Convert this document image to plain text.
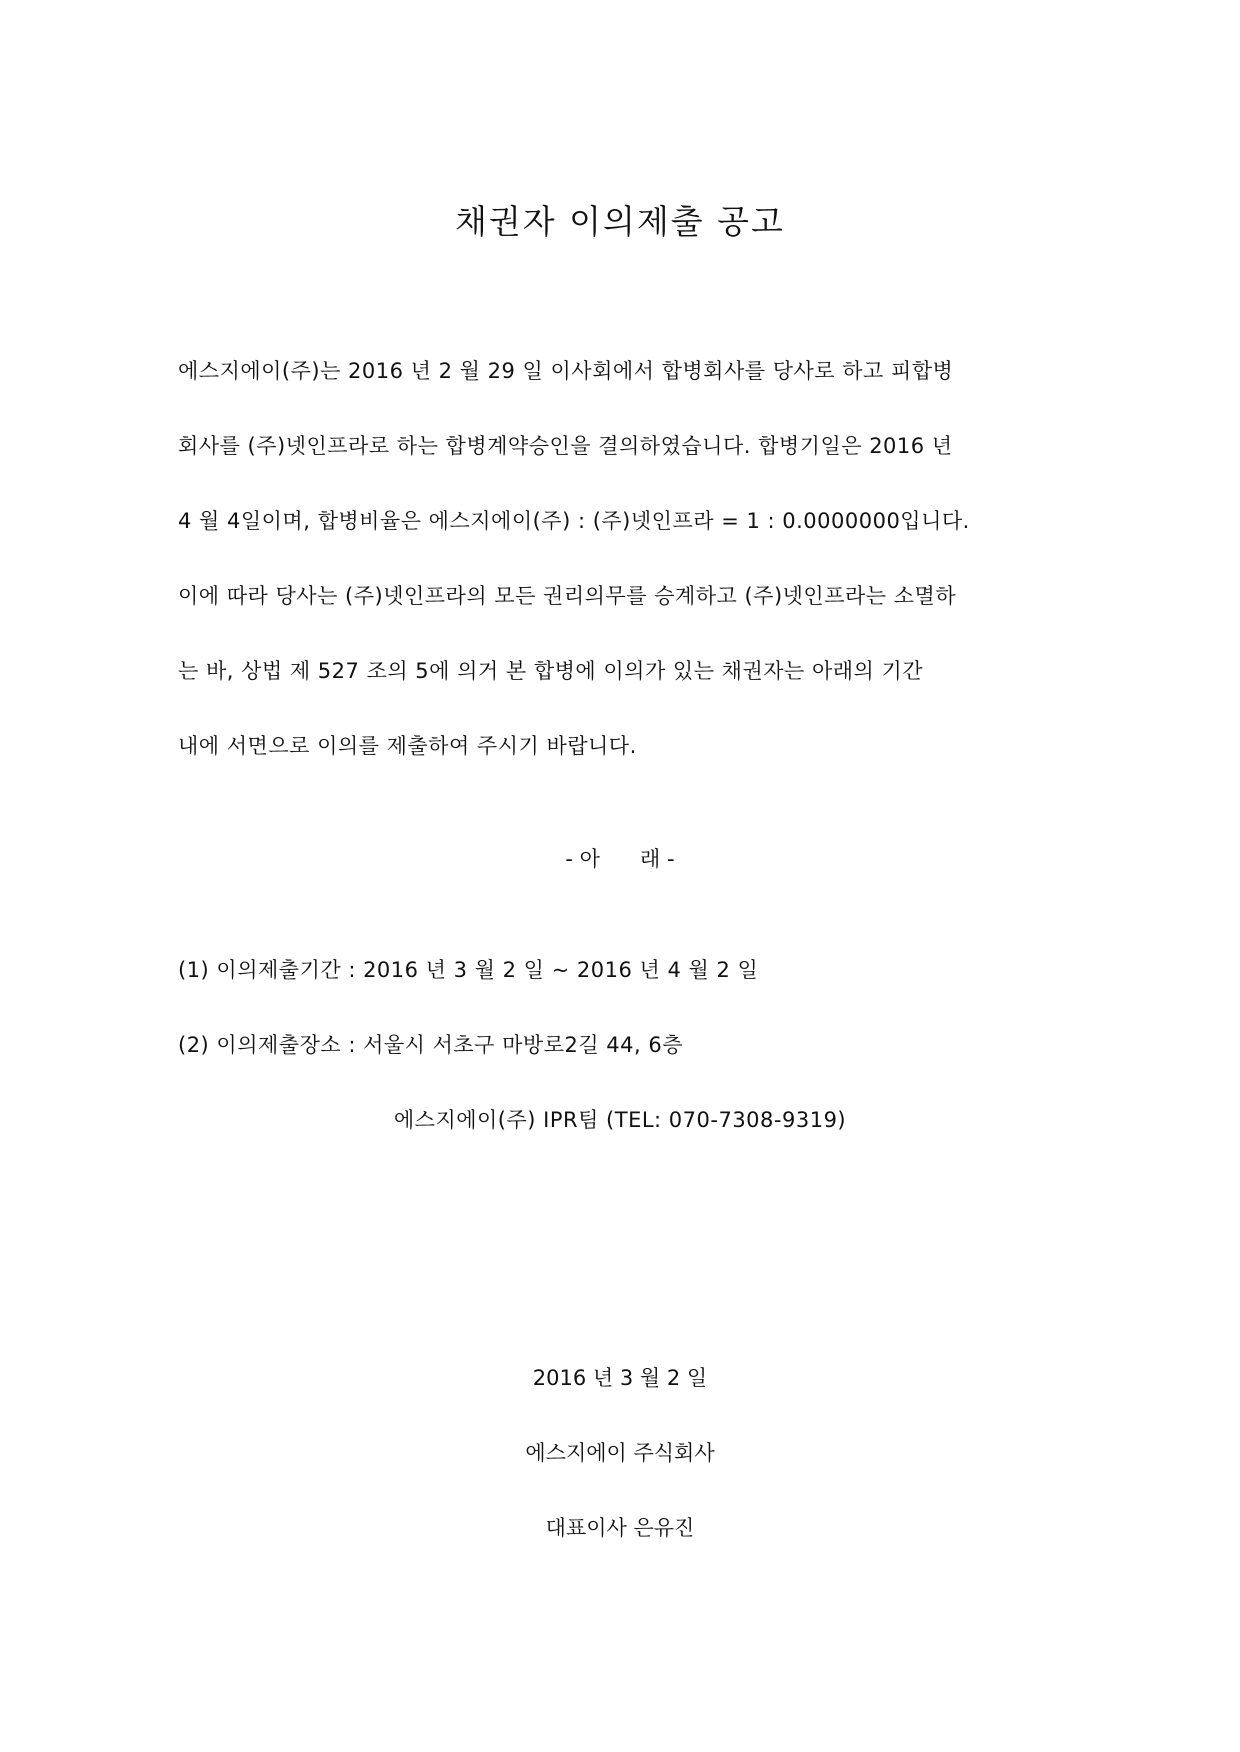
채권자 이의제출 공고

에스지에이(주)는 2016 년 2 월 29 일 이사회에서 합병회사를 당사로 하고 피합병

회사를 (주)넷인프라로 하는 합병계약승인을 결의하였습니다. 합병기일은 2016 년

4 월 4일이며, 합병비율은 에스지에이(주) : (주)넷인프라 = 1 : 0.0000000입니다.

이에 따라 당사는 (주)넷인프라의 모든 권리의무를 승계하고 (주)넷인프라는 소멸하

는 바, 상법 제 527 조의 5에 의거 본 합병에 이의가 있는 채권자는 아래의 기간

내에 서면으로 이의를 제출하여 주시기 바랍니다.

- 아      래 -

(1) 이의제출기간 : 2016 년 3 월 2 일 ~ 2016 년 4 월 2 일

(2) 이의제출장소 : 서울시 서초구 마방로2길 44, 6층

에스지에이(주) IPR팀 (TEL: 070-7308-9319)

2016 년 3 월 2 일

에스지에이 주식회사

대표이사 은유진
